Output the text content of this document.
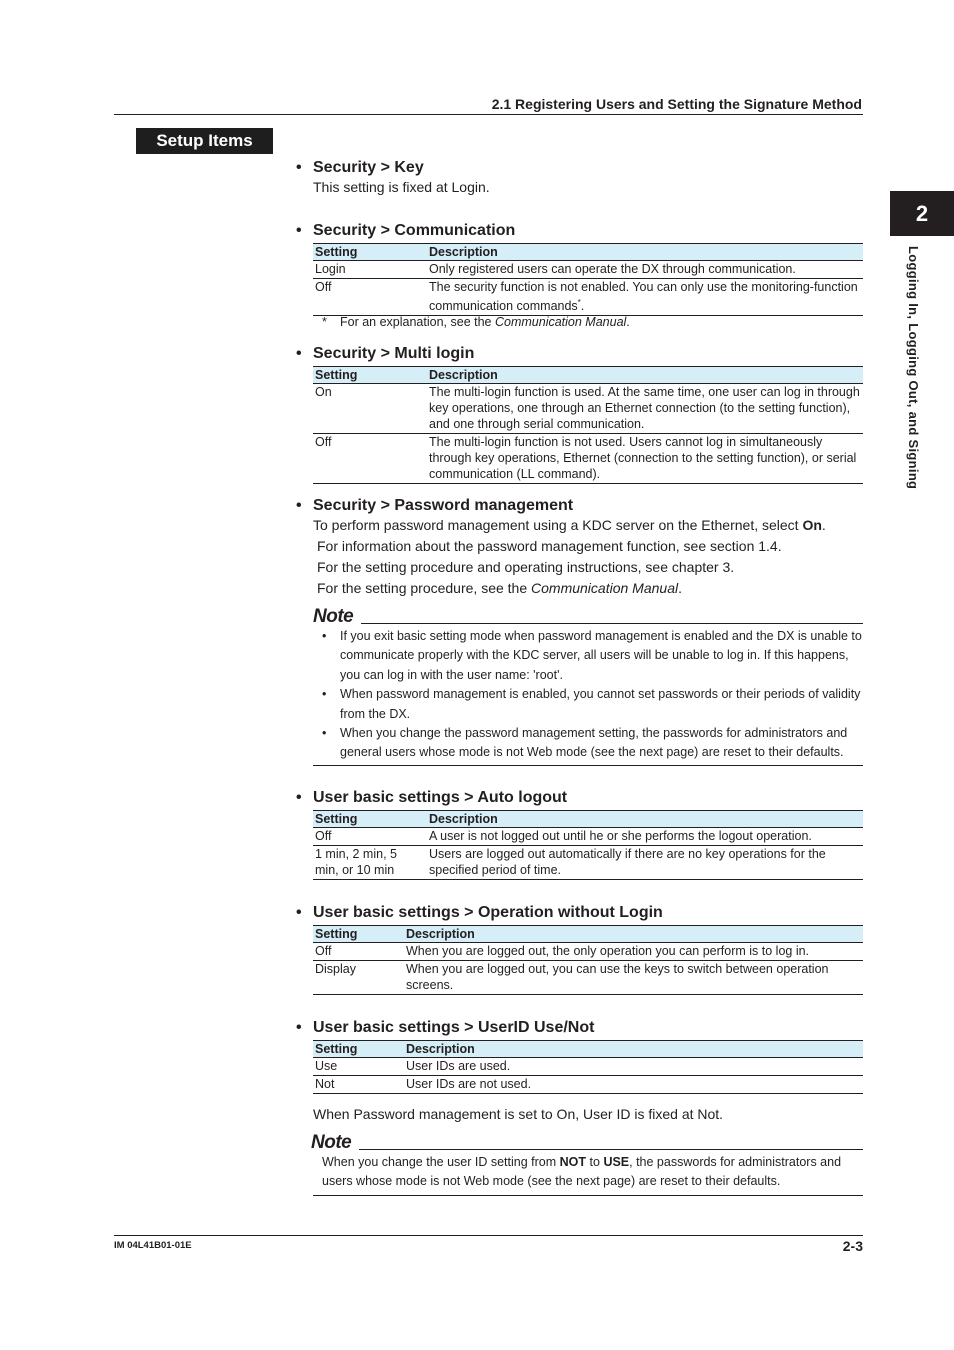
2.1 Registering Users and Setting the Signature Method
Setup Items
2
Logging In, Logging Out, and Signing
• Security > Key
This setting is fixed at Login.
• Security > Communication
Setting	Description
Login	Only registered users can operate the DX through communication.
Off	The security function is not enabled. You can only use the monitoring-function communication commands*.
* For an explanation, see the Communication Manual.
• Security > Multi login
Setting	Description
On	The multi-login function is used. At the same time, one user can log in through key operations, one through an Ethernet connection (to the setting function), and one through serial communication.
Off	The multi-login function is not used. Users cannot log in simultaneously through key operations, Ethernet (connection to the setting function), or serial communication (LL command).
• Security > Password management
To perform password management using a KDC server on the Ethernet, select On.
For information about the password management function, see section 1.4.
For the setting procedure and operating instructions, see chapter 3.
For the setting procedure, see the Communication Manual.
Note
•	If you exit basic setting mode when password management is enabled and the DX is unable to communicate properly with the KDC server, all users will be unable to log in. If this happens, you can log in with the user name: 'root'.
•	When password management is enabled, you cannot set passwords or their periods of validity from the DX.
•	When you change the password management setting, the passwords for administrators and general users whose mode is not Web mode (see the next page) are reset to their defaults.
• User basic settings > Auto logout
Setting	Description
Off	A user is not logged out until he or she performs the logout operation.
1 min, 2 min, 5 min, or 10 min	Users are logged out automatically if there are no key operations for the specified period of time.
• User basic settings > Operation without Login
Setting	Description
Off	When you are logged out, the only operation you can perform is to log in.
Display	When you are logged out, you can use the keys to switch between operation screens.
• User basic settings > UserID Use/Not
Setting	Description
Use	User IDs are used.
Not	User IDs are not used.
When Password management is set to On, User ID is fixed at Not.
Note
When you change the user ID setting from NOT to USE, the passwords for administrators and users whose mode is not Web mode (see the next page) are reset to their defaults.
IM 04L41B01-01E	2-3
